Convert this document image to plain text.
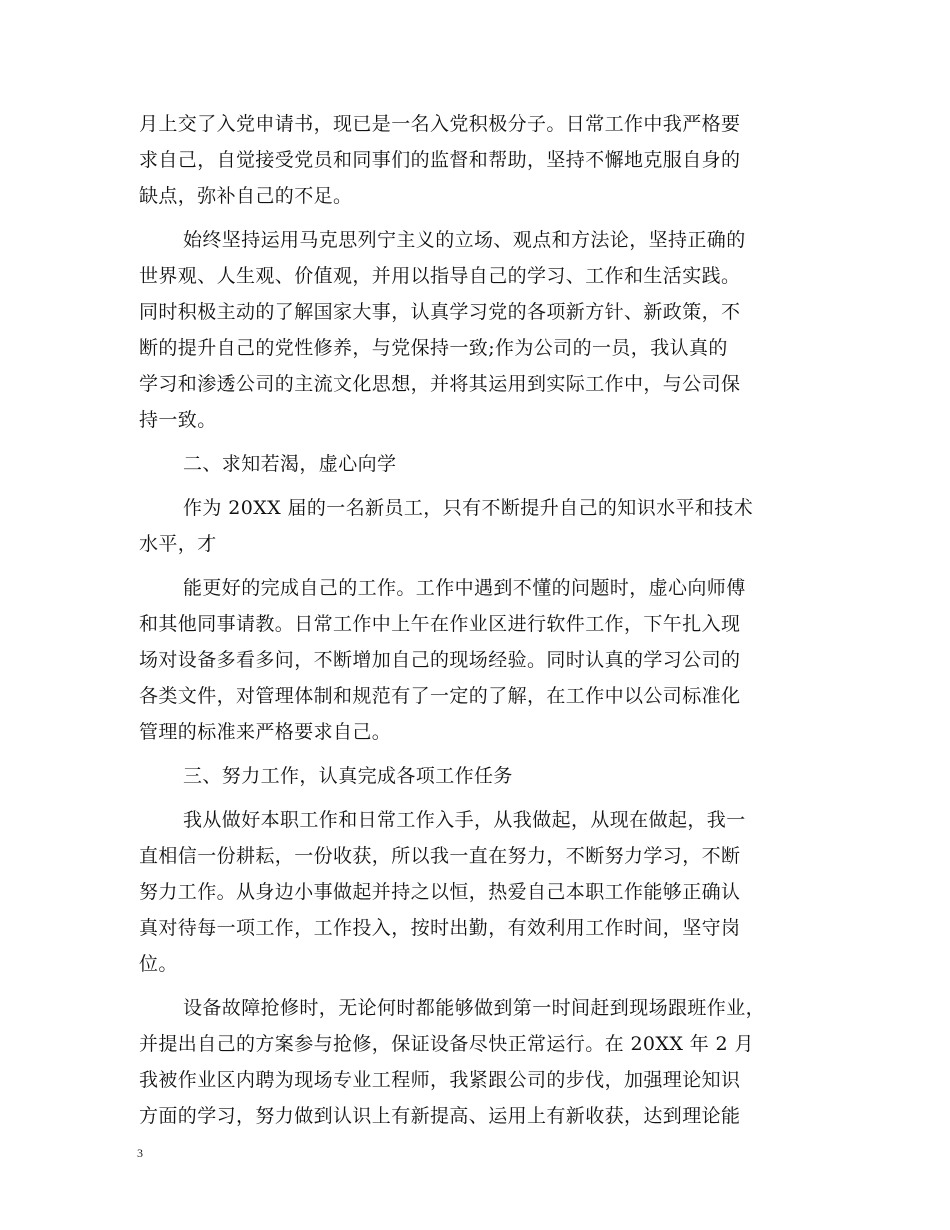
月上交了入党申请书，现已是一名入党积极分子。日常工作中我严格要
求自己，自觉接受党员和同事们的监督和帮助，坚持不懈地克服自身的
缺点，弥补自己的不足。
始终坚持运用马克思列宁主义的立场、观点和方法论，坚持正确的
世界观、人生观、价值观，并用以指导自己的学习、工作和生活实践。
同时积极主动的了解国家大事，认真学习党的各项新方针、新政策，不
断的提升自己的党性修养，与党保持一致;作为公司的一员，我认真的
学习和渗透公司的主流文化思想，并将其运用到实际工作中，与公司保
持一致。
二、求知若渴，虚心向学
作为 20XX 届的一名新员工，只有不断提升自己的知识水平和技术
水平，才
能更好的完成自己的工作。工作中遇到不懂的问题时，虚心向师傅
和其他同事请教。日常工作中上午在作业区进行软件工作，下午扎入现
场对设备多看多问，不断增加自己的现场经验。同时认真的学习公司的
各类文件，对管理体制和规范有了一定的了解，在工作中以公司标准化
管理的标准来严格要求自己。
三、努力工作，认真完成各项工作任务
我从做好本职工作和日常工作入手，从我做起，从现在做起，我一
直相信一份耕耘，一份收获，所以我一直在努力，不断努力学习，不断
努力工作。从身边小事做起并持之以恒，热爱自己本职工作能够正确认
真对待每一项工作，工作投入，按时出勤，有效利用工作时间，坚守岗
位。
设备故障抢修时，无论何时都能够做到第一时间赶到现场跟班作业，
并提出自己的方案参与抢修，保证设备尽快正常运行。在 20XX 年 2 月
我被作业区内聘为现场专业工程师，我紧跟公司的步伐，加强理论知识
方面的学习，努力做到认识上有新提高、运用上有新收获，达到理论能
3
